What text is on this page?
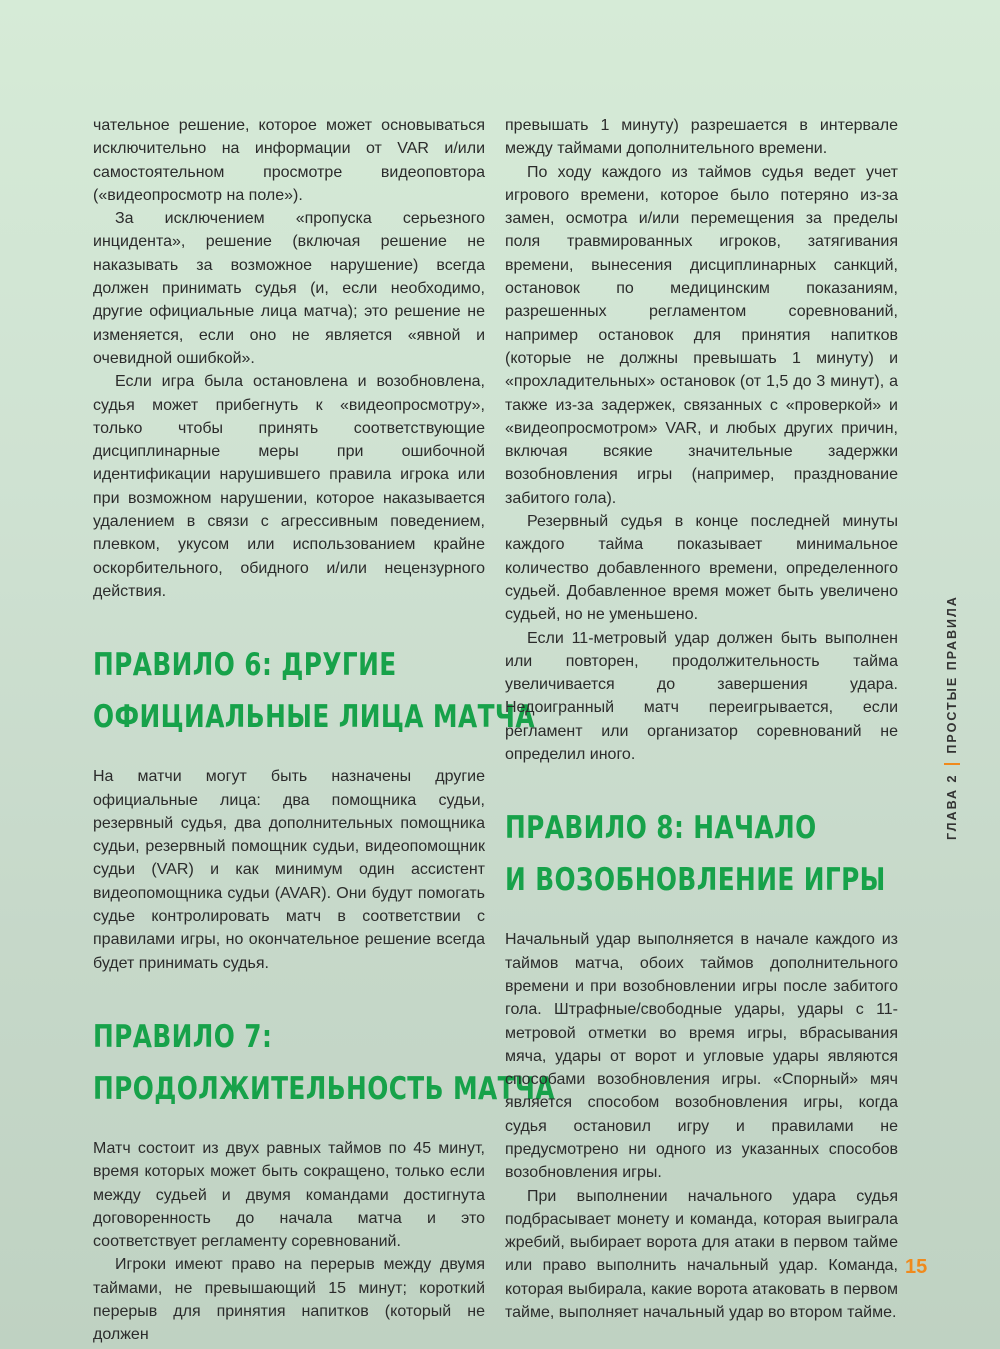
чательное решение, которое может основываться исключительно на информации от VAR и/или самостоятельном просмотре видеоповтора («видеопросмотр на поле»).

За исключением «пропуска серьезного инцидента», решение (включая решение не наказывать за возможное нарушение) всегда должен принимать судья (и, если необходимо, другие официальные лица матча); это решение не изменяется, если оно не является «явной и очевидной ошибкой».

Если игра была остановлена и возобновлена, судья может прибегнуть к «видеопросмотру», только чтобы принять соответствующие дисциплинарные меры при ошибочной идентификации нарушившего правила игрока или при возможном нарушении, которое наказывается удалением в связи с агрессивным поведением, плевком, укусом или использованием крайне оскорбительного, обидного и/или нецензурного действия.

ПРАВИЛО 6: ДРУГИЕ
ОФИЦИАЛЬНЫЕ ЛИЦА МАТЧА

На матчи могут быть назначены другие официальные лица: два помощника судьи, резервный судья, два дополнительных помощника судьи, резервный помощник судьи, видеопомощник судьи (VAR) и как минимум один ассистент видеопомощника судьи (AVAR). Они будут помогать судье контролировать матч в соответствии с правилами игры, но окончательное решение всегда будет принимать судья.

ПРАВИЛО 7:
ПРОДОЛЖИТЕЛЬНОСТЬ МАТЧА

Матч состоит из двух равных таймов по 45 минут, время которых может быть сокращено, только если между судьей и двумя командами достигнута договоренность до начала матча и это соответствует регламенту соревнований.

Игроки имеют право на перерыв между двумя таймами, не превышающий 15 минут; короткий перерыв для принятия напитков (который не должен

превышать 1 минуту) разрешается в интервале между таймами дополнительного времени.

По ходу каждого из таймов судья ведет учет игрового времени, которое было потеряно из-за замен, осмотра и/или перемещения за пределы поля травмированных игроков, затягивания времени, вынесения дисциплинарных санкций, остановок по медицинским показаниям, разрешенных регламентом соревнований, например остановок для принятия напитков (которые не должны превышать 1 минуту) и «прохладительных» остановок (от 1,5 до 3 минут), а также из-за задержек, связанных с «проверкой» и «видеопросмотром» VAR, и любых других причин, включая всякие значительные задержки возобновления игры (например, празднование забитого гола).

Резервный судья в конце последней минуты каждого тайма показывает минимальное количество добавленного времени, определенного судьей. Добавленное время может быть увеличено судьей, но не уменьшено.

Если 11-метровый удар должен быть выполнен или повторен, продолжительность тайма увеличивается до завершения удара. Недоигранный матч переигрывается, если регламент или организатор соревнований не определил иного.

ПРАВИЛО 8: НАЧАЛО
И ВОЗОБНОВЛЕНИЕ ИГРЫ

Начальный удар выполняется в начале каждого из таймов матча, обоих таймов дополнительного времени и при возобновлении игры после забитого гола. Штрафные/свободные удары, удары с 11-метровой отметки во время игры, вбрасывания мяча, удары от ворот и угловые удары являются способами возобновления игры. «Спорный» мяч является способом возобновления игры, когда судья остановил игру и правилами не предусмотрено ни одного из указанных способов возобновления игры.

При выполнении начального удара судья подбрасывает монету и команда, которая выиграла жребий, выбирает ворота для атаки в первом тайме или право выполнить начальный удар. Команда, которая выбирала, какие ворота атаковать в первом тайме, выполняет начальный удар во втором тайме.

ГЛАВА 2
ПРОСТЫЕ ПРАВИЛА
15
